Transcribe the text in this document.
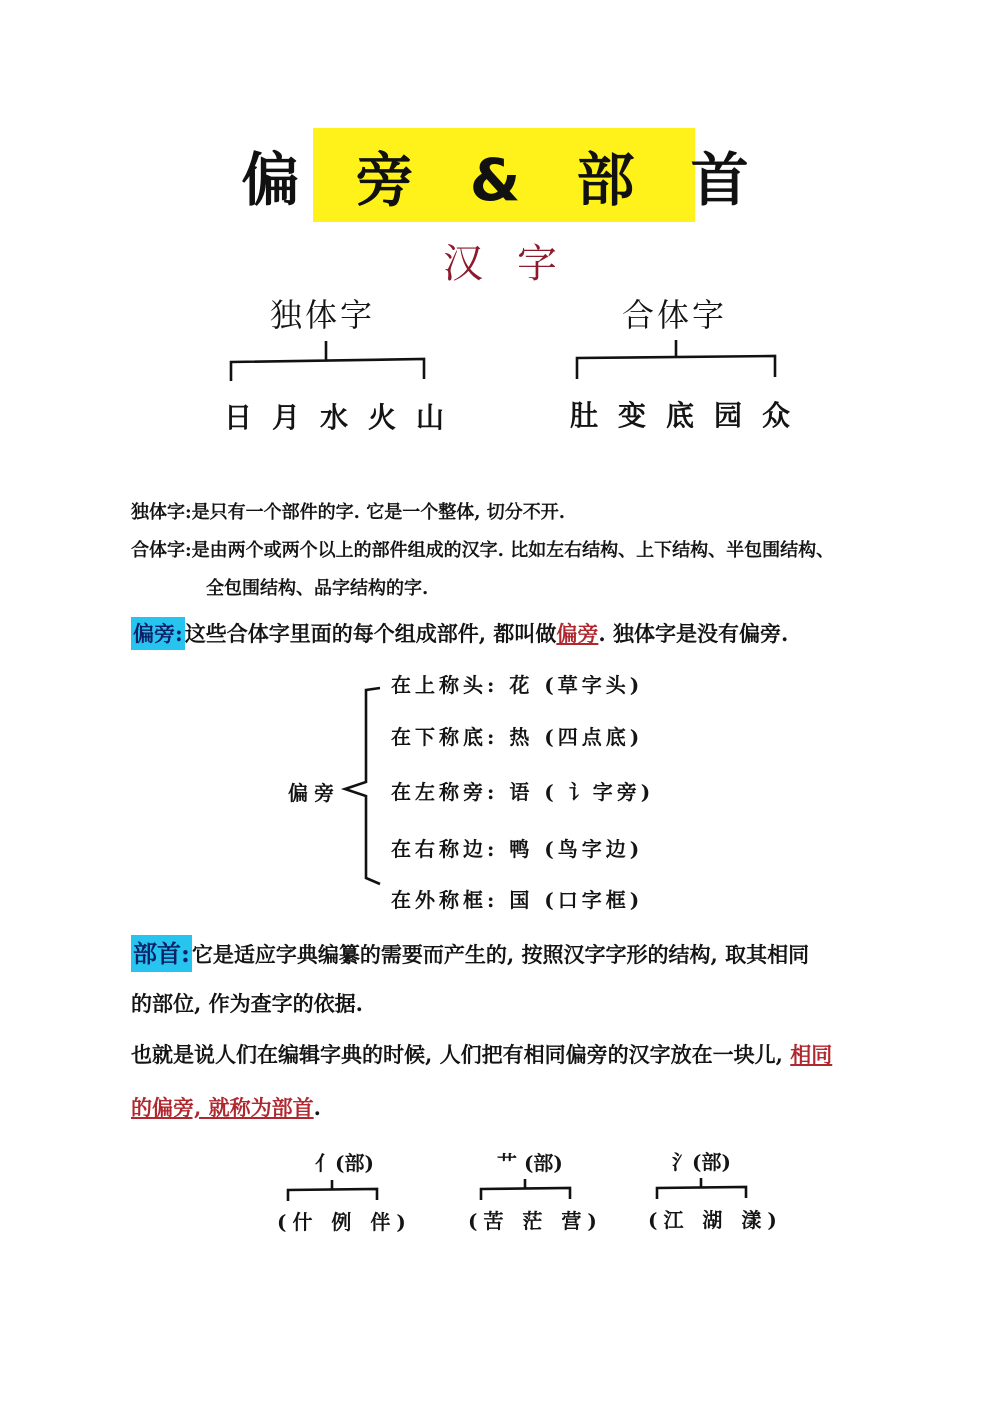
偏 旁 & 部 首
汉字
独体字	合体字
日月水火山	肚变底园众
独体字:是只有一个部件的字. 它是一个整体, 切分不开.
合体字:是由两个或两个以上的部件组成的汉字. 比如左右结构、上下结构、半包围结构、
全包围结构、品字结构的字.
偏旁:这些合体字里面的每个组成部件, 都叫做偏旁. 独体字是没有偏旁.
偏旁
在上称头: 花 (草字头)
在下称底: 热 (四点底)
在左称旁: 语 ( 讠字旁)
在右称边: 鸭 (鸟字边)
在外称框: 国 (口字框)
部首:它是适应字典编纂的需要而产生的, 按照汉字字形的结构, 取其相同
的部位, 作为查字的依据.
也就是说人们在编辑字典的时候, 人们把有相同偏旁的汉字放在一块儿, 相同
的偏旁, 就称为部首.
亻(部)	艹 (部)	氵(部)
(什 例 伴)	(苦 茫 营) (江 湖 漾)
